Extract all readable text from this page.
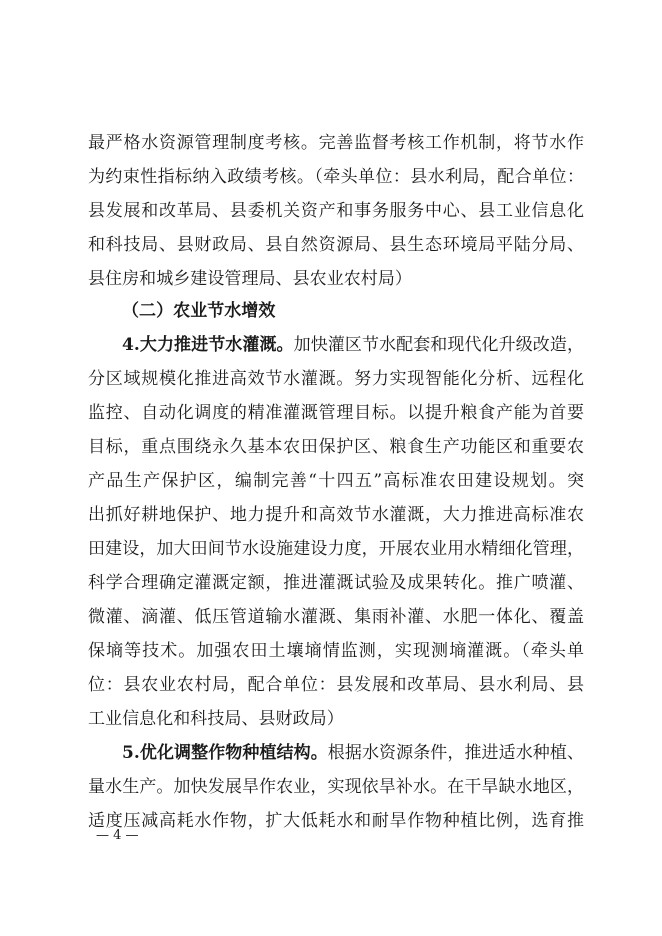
最严格水资源管理制度考核。完善监督考核工作机制，将节水作
为约束性指标纳入政绩考核。（牵头单位：县水利局，配合单位：
县发展和改革局、县委机关资产和事务服务中心、县工业信息化
和科技局、县财政局、县自然资源局、县生态环境局平陆分局、
县住房和城乡建设管理局、县农业农村局）
（二）农业节水增效
4.大力推进节水灌溉。加快灌区节水配套和现代化升级改造，
分区域规模化推进高效节水灌溉。努力实现智能化分析、远程化
监控、自动化调度的精准灌溉管理目标。以提升粮食产能为首要
目标，重点围绕永久基本农田保护区、粮食生产功能区和重要农
产品生产保护区，编制完善“十四五”高标准农田建设规划。突
出抓好耕地保护、地力提升和高效节水灌溉，大力推进高标准农
田建设，加大田间节水设施建设力度，开展农业用水精细化管理，
科学合理确定灌溉定额，推进灌溉试验及成果转化。推广喷灌、
微灌、滴灌、低压管道输水灌溉、集雨补灌、水肥一体化、覆盖
保墒等技术。加强农田土壤墒情监测，实现测墒灌溉。（牵头单
位：县农业农村局，配合单位：县发展和改革局、县水利局、县
工业信息化和科技局、县财政局）
5.优化调整作物种植结构。根据水资源条件，推进适水种植、
量水生产。加快发展旱作农业，实现依旱补水。在干旱缺水地区，
适度压减高耗水作物，扩大低耗水和耐旱作物种植比例，选育推
— 4 —
